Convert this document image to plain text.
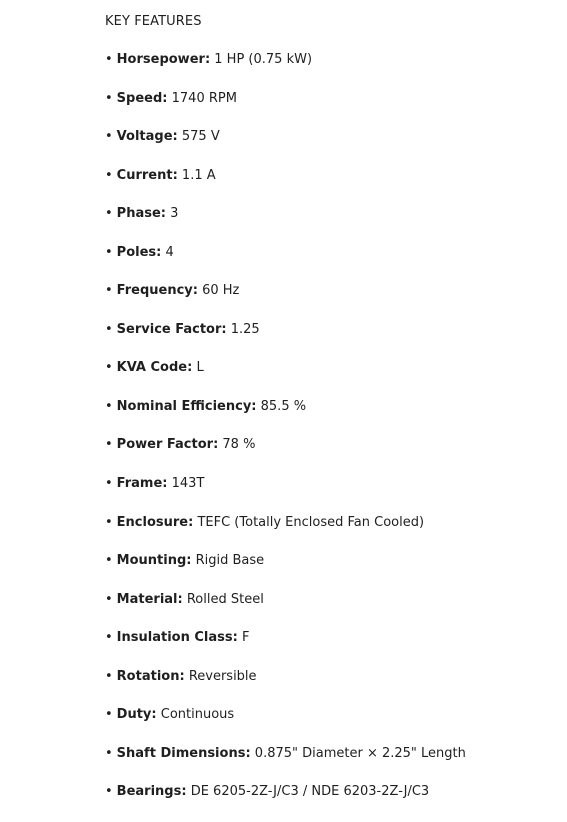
KEY FEATURES
• Horsepower: 1 HP (0.75 kW)
• Speed: 1740 RPM
• Voltage: 575 V
• Current: 1.1 A
• Phase: 3
• Poles: 4
• Frequency: 60 Hz
• Service Factor: 1.25
• KVA Code: L
• Nominal Efficiency: 85.5 %
• Power Factor: 78 %
• Frame: 143T
• Enclosure: TEFC (Totally Enclosed Fan Cooled)
• Mounting: Rigid Base
• Material: Rolled Steel
• Insulation Class: F
• Rotation: Reversible
• Duty: Continuous
• Shaft Dimensions: 0.875" Diameter × 2.25" Length
• Bearings: DE 6205-2Z-J/C3 / NDE 6203-2Z-J/C3
